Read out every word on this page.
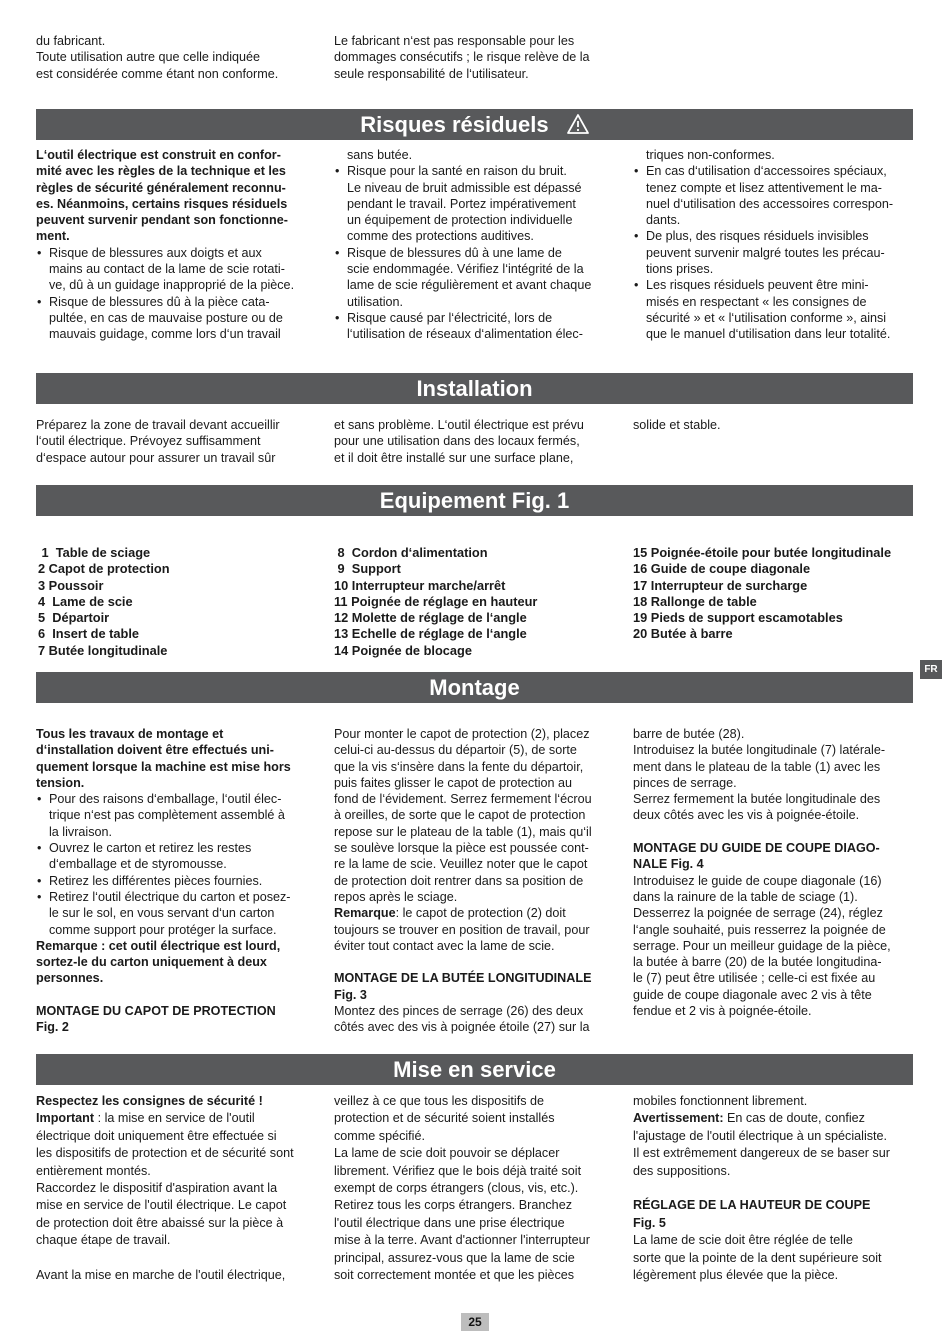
du fabricant.
Toute utilisation autre que celle indiquée
est considérée comme étant non conforme.
Le fabricant n‘est pas responsable pour les
dommages consécutifs ; le risque relève de la
seule responsabilité de l‘utilisateur.
Risques résiduels
L‘outil électrique est construit en confor-
mité avec les règles de la technique et les
règles de sécurité généralement reconnu-
es. Néanmoins, certains risques résiduels
peuvent survenir pendant son fonctionne-
ment.
• Risque de blessures aux doigts et aux
mains au contact de la lame de scie rotati-
ve, dû à un guidage inapproprié de la pièce.
• Risque de blessures dû à la pièce cata-
pultée, en cas de mauvaise posture ou de
mauvais guidage, comme lors d‘un travail
sans butée.
• Risque pour la santé en raison du bruit.
Le niveau de bruit admissible est dépassé
pendant le travail. Portez impérativement
un équipement de protection individuelle
comme des protections auditives.
• Risque de blessures dû à une lame de
scie endommagée. Vérifiez l‘intégrité de la
lame de scie régulièrement et avant chaque
utilisation.
• Risque causé par l‘électricité, lors de
l‘utilisation de réseaux d‘alimentation élec-
triques non-conformes.
• En cas d‘utilisation d‘accessoires spéciaux,
tenez compte et lisez attentivement le ma-
nuel d‘utilisation des accessoires correspon-
dants.
• De plus, des risques résiduels invisibles
peuvent survenir malgré toutes les précau-
tions prises.
• Les risques résiduels peuvent être mini-
misés en respectant « les consignes de
sécurité » et « l‘utilisation conforme », ainsi
que le manuel d‘utilisation dans leur totalité.
Installation
Préparez la zone de travail devant accueillir
l‘outil électrique. Prévoyez suffisamment
d‘espace autour pour assurer un travail sûr
et sans problème. L‘outil électrique est prévu
pour une utilisation dans des locaux fermés,
et il doit être installé sur une surface plane,
solide et stable.
Equipement Fig. 1
1  Table de sciage
2 Capot de protection
3 Poussoir
4  Lame de scie
5  Départoir
6  Insert de table
7 Butée longitudinale
8  Cordon d‘alimentation
9  Support
10 Interrupteur marche/arrêt
11 Poignée de réglage en hauteur
12 Molette de réglage de l‘angle
13 Echelle de réglage de l‘angle
14 Poignée de blocage
15 Poignée-étoile pour butée longitudinale
16 Guide de coupe diagonale
17 Interrupteur de surcharge
18 Rallonge de table
19 Pieds de support escamotables
20 Butée à barre
FR
Montage
Tous les travaux de montage et
d‘installation doivent être effectués uni-
quement lorsque la machine est mise hors
tension.
• Pour des raisons d‘emballage, l‘outil élec-
trique n‘est pas complètement assemblé à
la livraison.
• Ouvrez le carton et retirez les restes
d‘emballage et de styromousse.
• Retirez les différentes pièces fournies.
• Retirez l‘outil électrique du carton et posez-
le sur le sol, en vous servant d‘un carton
comme support pour protéger la surface.
Remarque : cet outil électrique est lourd,
sortez-le du carton uniquement à deux
personnes.
MONTAGE DU CAPOT DE PROTECTION
Fig. 2
Pour monter le capot de protection (2), placez
celui-ci au-dessus du départoir (5), de sorte
que la vis s‘insère dans la fente du départoir,
puis faites glisser le capot de protection au
fond de l‘évidement. Serrez fermement l‘écrou
à oreilles, de sorte que le capot de protection
repose sur le plateau de la table (1), mais qu‘il
se soulève lorsque la pièce est poussée cont-
re la lame de scie. Veuillez noter que le capot
de protection doit rentrer dans sa position de
repos après le sciage.
Remarque: le capot de protection (2) doit
toujours se trouver en position de travail, pour
éviter tout contact avec la lame de scie.
MONTAGE DE LA BUTÉE LONGITUDINALE
Fig. 3
Montez des pinces de serrage (26) des deux
côtés avec des vis à poignée étoile (27) sur la
barre de butée (28).
Introduisez la butée longitudinale (7) latérale-
ment dans le plateau de la table (1) avec les
pinces de serrage.
Serrez fermement la butée longitudinale des
deux côtés avec les vis à poignée-étoile.
MONTAGE DU GUIDE DE COUPE DIAGO-
NALE Fig. 4
Introduisez le guide de coupe diagonale (16)
dans la rainure de la table de sciage (1).
Desserrez la poignée de serrage (24), réglez
l‘angle souhaité, puis resserrez la poignée de
serrage. Pour un meilleur guidage de la pièce,
la butée à barre (20) de la butée longitudina-
le (7) peut être utilisée ; celle-ci est fixée au
guide de coupe diagonale avec 2 vis à tête
fendue et 2 vis à poignée-étoile.
Mise en service
Respectez les consignes de sécurité !
Important : la mise en service de l'outil
électrique doit uniquement être effectuée si
les dispositifs de protection et de sécurité sont
entièrement montés.
Raccordez le dispositif d'aspiration avant la
mise en service de l'outil électrique. Le capot
de protection doit être abaissé sur la pièce à
chaque étape de travail.
Avant la mise en marche de l'outil électrique,
veillez à ce que tous les dispositifs de
protection et de sécurité soient installés
comme spécifié.
La lame de scie doit pouvoir se déplacer
librement. Vérifiez que le bois déjà traité soit
exempt de corps étrangers (clous, vis, etc.).
Retirez tous les corps étrangers. Branchez
l'outil électrique dans une prise électrique
mise à la terre. Avant d'actionner l'interrupteur
principal, assurez-vous que la lame de scie
soit correctement montée et que les pièces
mobiles fonctionnent librement.
Avertissement: En cas de doute, confiez
l'ajustage de l'outil électrique à un spécialiste.
Il est extrêmement dangereux de se baser sur
des suppositions.
RÉGLAGE DE LA HAUTEUR DE COUPE
Fig. 5
La lame de scie doit être réglée de telle
sorte que la pointe de la dent supérieure soit
légèrement plus élevée que la pièce.
25
